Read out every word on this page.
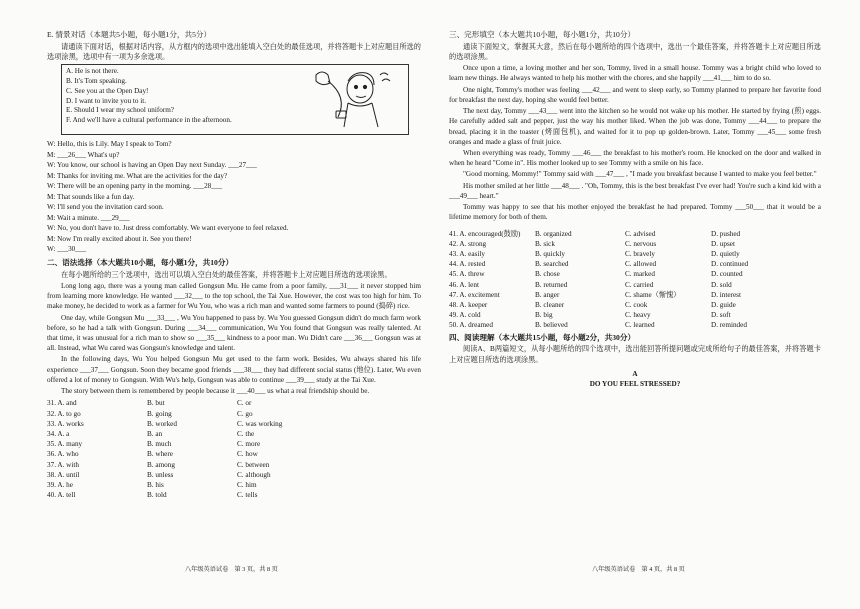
E. 情景对话（本题共5小题，每小题1分，共5分）
请通读下面对话，根据对话内容，从方框内的选项中选出能填入空白处的最佳选项，并将答题卡上对应题目所选的选项涂黑，选项中有一项为多余选项。
A. He is not there.
B. It's Tom speaking.
C. See you at the Open Day!
D. I want to invite you to it.
E. Should I wear my school uniform?
F. And we'll have a cultural performance in the afternoon.
W: Hello, this is Lily. May I speak to Tom?
M: ___26___ What's up?
W: You know, our school is having an Open Day next Sunday. ___27___
M: Thanks for inviting me. What are the activities for the day?
W: There will be an opening party in the morning. ___28___
M: That sounds like a fun day.
W: I'll send you the invitation card soon.
M: Wait a minute. ___29___
W: No, you don't have to. Just dress comfortably. We want everyone to feel relaxed.
M: Now I'm really excited about it. See you there!
W: ___30___
二、语法选择（本大题共10小题，每小题1分，共10分）
在每小题所给的三个选项中，选出可以填入空白处的最佳答案，并将答题卡上对应题目所选的选项涂黑。
Long long ago, there was a young man called Gongsun Mu. He came from a poor family, ___31___ it never stopped him from learning more knowledge. He wanted ___32___ to the top school, the Tai Xue. However, the cost was too high for him. To make money, he decided to work as a farmer for Wu You, who was a rich man and wanted some farmers to pound (捣碎) rice.
One day, while Gongsun Mu ___33___ , Wu You happened to pass by. Wu You guessed Gongsun didn't do much farm work before, so he had a talk with Gongsun. During ___34___ communication, Wu You found that Gongsun was really talented. At that time, it was unusual for a rich man to show so ___35___ kindness to a poor man. Wu Didn't care ___36___ Gongsun was at all. Instead, what Wu cared was Gongsun's knowledge and talent.
In the following days, Wu You helped Gongsun Mu get used to the farm work. Besides, Wu always shared his life experience ___37___ Gongsun. Soon they became good friends ___38___ they had different social status (地位). Later, Wu even offered a lot of money to Gongsun. With Wu's help, Gongsun was able to continue ___39___ study at the Tai Xue.
The story between them is remembered by people because it ___40___ us what a real friendship should be.
31. A. and	B. but	C. or
32. A. to go	B. going	C. go
33. A. works	B. worked	C. was working
34. A. a	B. an	C. the
35. A. many	B. much	C. more
36. A. who	B. where	C. how
37. A. with	B. among	C. between
38. A. until	B. unless	C. although
39. A. he	B. his	C. him
40. A. tell	B. told	C. tells
八年级英语试卷　第 3 页，共 8 页
三、完形填空（本大题共10小题，每小题1分，共10分）
通读下面短文，掌握其大意，然后在每小题所给的四个选项中，选出一个最佳答案，并将答题卡上对应题目所选的选项涂黑。
Once upon a time, a loving mother and her son, Tommy, lived in a small house. Tommy was a bright child who loved to learn new things. He always wanted to help his mother with the chores, and she happily ___41___ him to do so.
One night, Tommy's mother was feeling ___42___ and went to sleep early, so Tommy planned to prepare her favorite food for breakfast the next day, hoping she would feel better.
The next day, Tommy ___43___ went into the kitchen so he would not wake up his mother. He started by frying (煎) eggs. He carefully added salt and pepper, just the way his mother liked. When the job was done, Tommy ___44___ to prepare the bread, placing it in the toaster (烤面包机), and waited for it to pop up golden-brown. Later, Tommy ___45___ some fresh oranges and made a glass of fruit juice.
When everything was ready, Tommy ___46___ the breakfast to his mother's room. He knocked on the door and walked in when he heard "Come in". His mother looked up to see Tommy with a smile on his face.
"Good morning, Mommy!" Tommy said with ___47___ , "I made you breakfast because I wanted to make you feel better."
His mother smiled at her little ___48___ . "Oh, Tommy, this is the best breakfast I've ever had! You're such a kind kid with a ___49___ heart."
Tommy was happy to see that his mother enjoyed the breakfast he had prepared. Tommy ___50___ that it would be a lifetime memory for both of them.
41. A. encouraged(鼓励)	B. organized	C. advised	D. pushed
42. A. strong	B. sick	C. nervous	D. upset
43. A. easily	B. quickly	C. bravely	D. quietly
44. A. rested	B. searched	C. allowed	D. continued
45. A. threw	B. chose	C. marked	D. counted
46. A. lent	B. returned	C. carried	D. sold
47. A. excitement	B. anger	C. shame（惭愧）	D. interest
48. A. keeper	B. cleaner	C. cook	D. guide
49. A. cold	B. big	C. heavy	D. soft
50. A. dreamed	B. believed	C. learned	D. reminded
四、阅读理解（本大题共15小题，每小题2分，共30分）
阅读A、B两篇短文，从每小题所给的四个选项中，选出能回答所提问题或完成所给句子的最佳答案，并将答题卡上对应题目所选的选项涂黑。
A
DO YOU FEEL STRESSED?
八年级英语试卷　第 4 页，共 8 页
